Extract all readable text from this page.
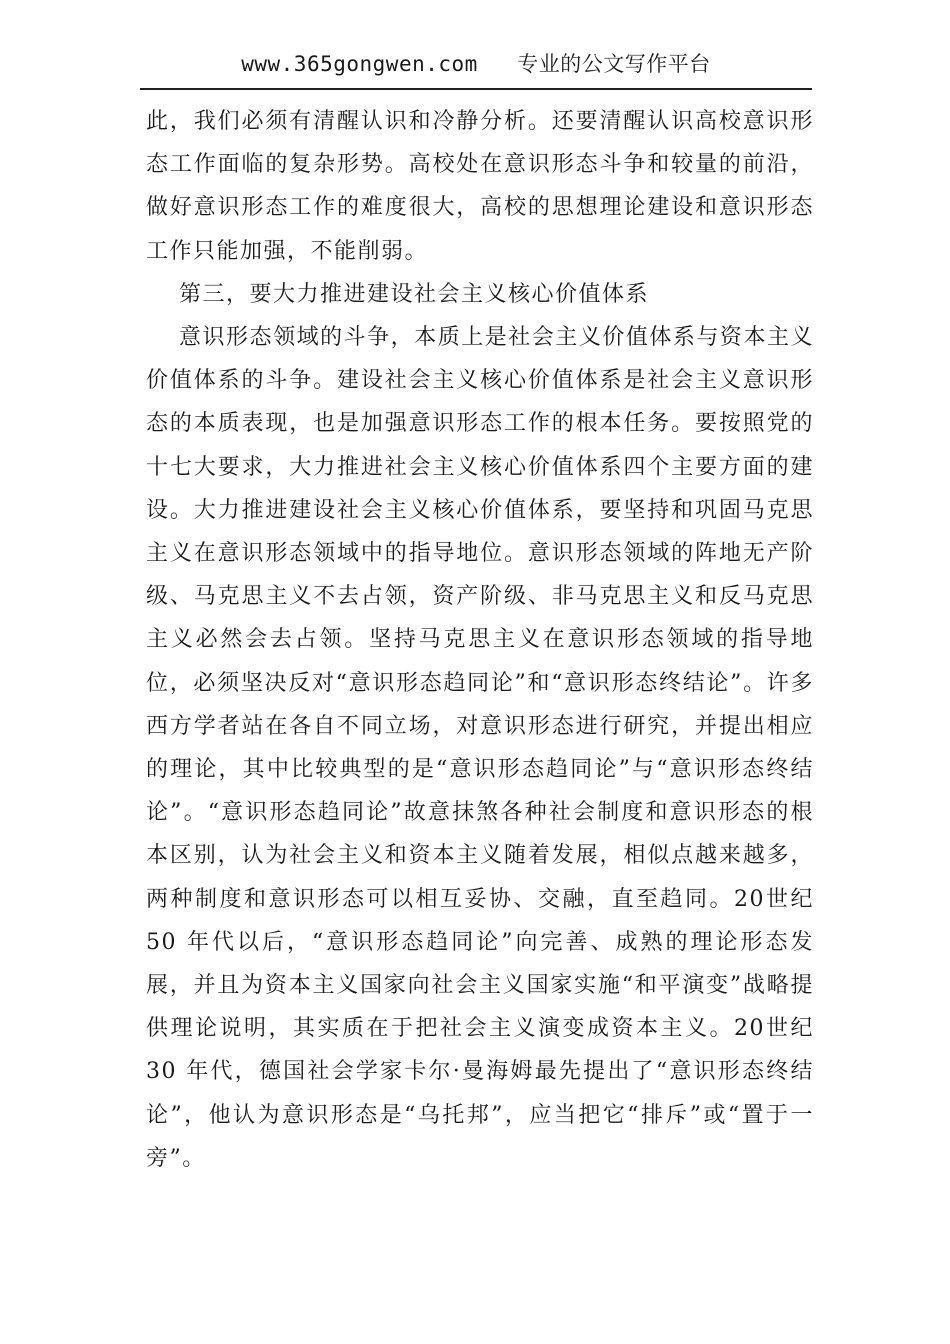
www.365gongwen.com 专业的公文写作平台

此，我们必须有清醒认识和冷静分析。还要清醒认识高校意识形态工作面临的复杂形势。高校处在意识形态斗争和较量的前沿，做好意识形态工作的难度很大，高校的思想理论建设和意识形态工作只能加强，不能削弱。

第三，要大力推进建设社会主义核心价值体系

意识形态领域的斗争，本质上是社会主义价值体系与资本主义价值体系的斗争。建设社会主义核心价值体系是社会主义意识形态的本质表现，也是加强意识形态工作的根本任务。要按照党的十七大要求，大力推进社会主义核心价值体系四个主要方面的建设。大力推进建设社会主义核心价值体系，要坚持和巩固马克思主义在意识形态领域中的指导地位。意识形态领域的阵地无产阶级、马克思主义不去占领，资产阶级、非马克思主义和反马克思主义必然会去占领。坚持马克思主义在意识形态领域的指导地位，必须坚决反对“意识形态趋同论”和“意识形态终结论”。许多西方学者站在各自不同立场，对意识形态进行研究，并提出相应的理论，其中比较典型的是“意识形态趋同论”与“意识形态终结论”。“意识形态趋同论”故意抹煞各种社会制度和意识形态的根本区别，认为社会主义和资本主义随着发展，相似点越来越多，两种制度和意识形态可以相互妥协、交融，直至趋同。20世纪 50 年代以后，“意识形态趋同论”向完善、成熟的理论形态发展，并且为资本主义国家向社会主义国家实施“和平演变”战略提供理论说明，其实质在于把社会主义演变成资本主义。20世纪 30 年代，德国社会学家卡尔·曼海姆最先提出了“意识形态终结论”，他认为意识形态是“乌托邦”，应当把它“排斥”或“置于一旁”。
